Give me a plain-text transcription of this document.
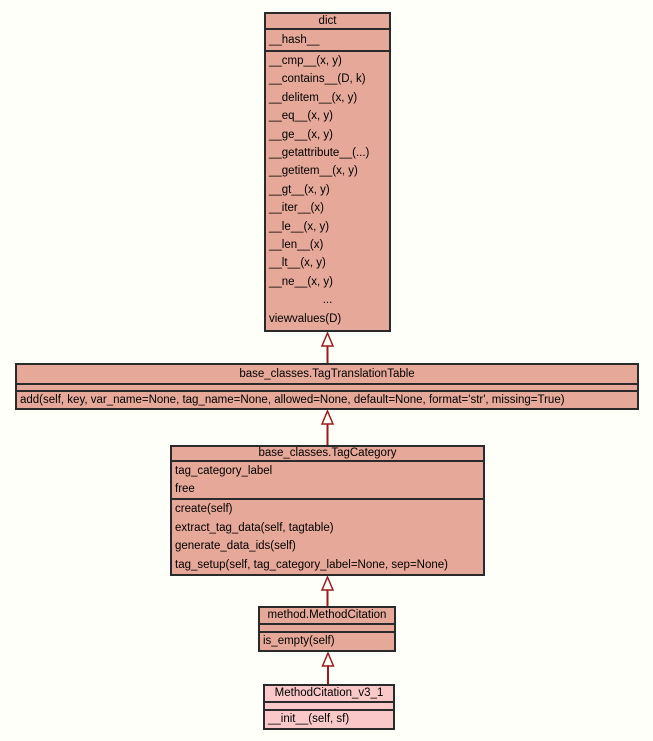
dict
__hash__
__cmp__(x, y)
__contains__(D, k)
__delitem__(x, y)
__eq__(x, y)
__ge__(x, y)
__getattribute__(...)
__getitem__(x, y)
__gt__(x, y)
__iter__(x)
__le__(x, y)
__len__(x)
__lt__(x, y)
__ne__(x, y)
...
viewvalues(D)
base_classes.TagTranslationTable
add(self, key, var_name=None, tag_name=None, allowed=None, default=None, format='str', missing=True)
base_classes.TagCategory
tag_category_label
free
create(self)
extract_tag_data(self, tagtable)
generate_data_ids(self)
tag_setup(self, tag_category_label=None, sep=None)
method.MethodCitation
is_empty(self)
MethodCitation_v3_1
__init__(self, sf)
